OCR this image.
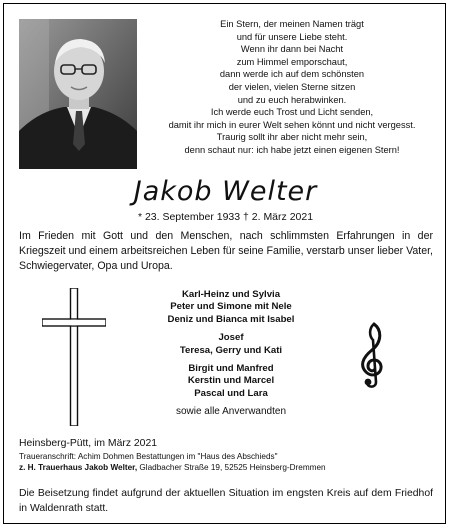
Ein Stern, der meinen Namen trägt
und für unsere Liebe steht.
Wenn ihr dann bei Nacht
zum Himmel emporschaut,
dann werde ich auf dem schönsten
der vielen, vielen Sterne sitzen
und zu euch herabwinken.
Ich werde euch Trost und Licht senden,
damit ihr mich in eurer Welt sehen könnt und nicht vergesst.
Traurig sollt ihr aber nicht mehr sein,
denn schaut nur: ich habe jetzt einen eigenen Stern!
Jakob Welter
* 23. September 1933 † 2. März 2021
Im Frieden mit Gott und den Menschen, nach schlimmsten Erfahrungen in der Kriegszeit und einem arbeitsreichen Leben für seine Familie, verstarb unser lieber Vater, Schwiegervater, Opa und Uropa.
Karl-Heinz und Sylvia
Peter und Simone mit Nele
Deniz und Bianca mit Isabel
Josef
Teresa, Gerry und Kati
Birgit und Manfred
Kerstin und Marcel
Pascal und Lara
sowie alle Anverwandten
Heinsberg-Pütt, im März 2021
Traueranschrift: Achim Dohmen Bestattungen im "Haus des Abschieds"
z. H. Trauerhaus Jakob Welter, Gladbacher Straße 19, 52525 Heinsberg-Dremmen
Die Beisetzung findet aufgrund der aktuellen Situation im engsten Kreis auf dem Friedhof in Waldenrath statt.
